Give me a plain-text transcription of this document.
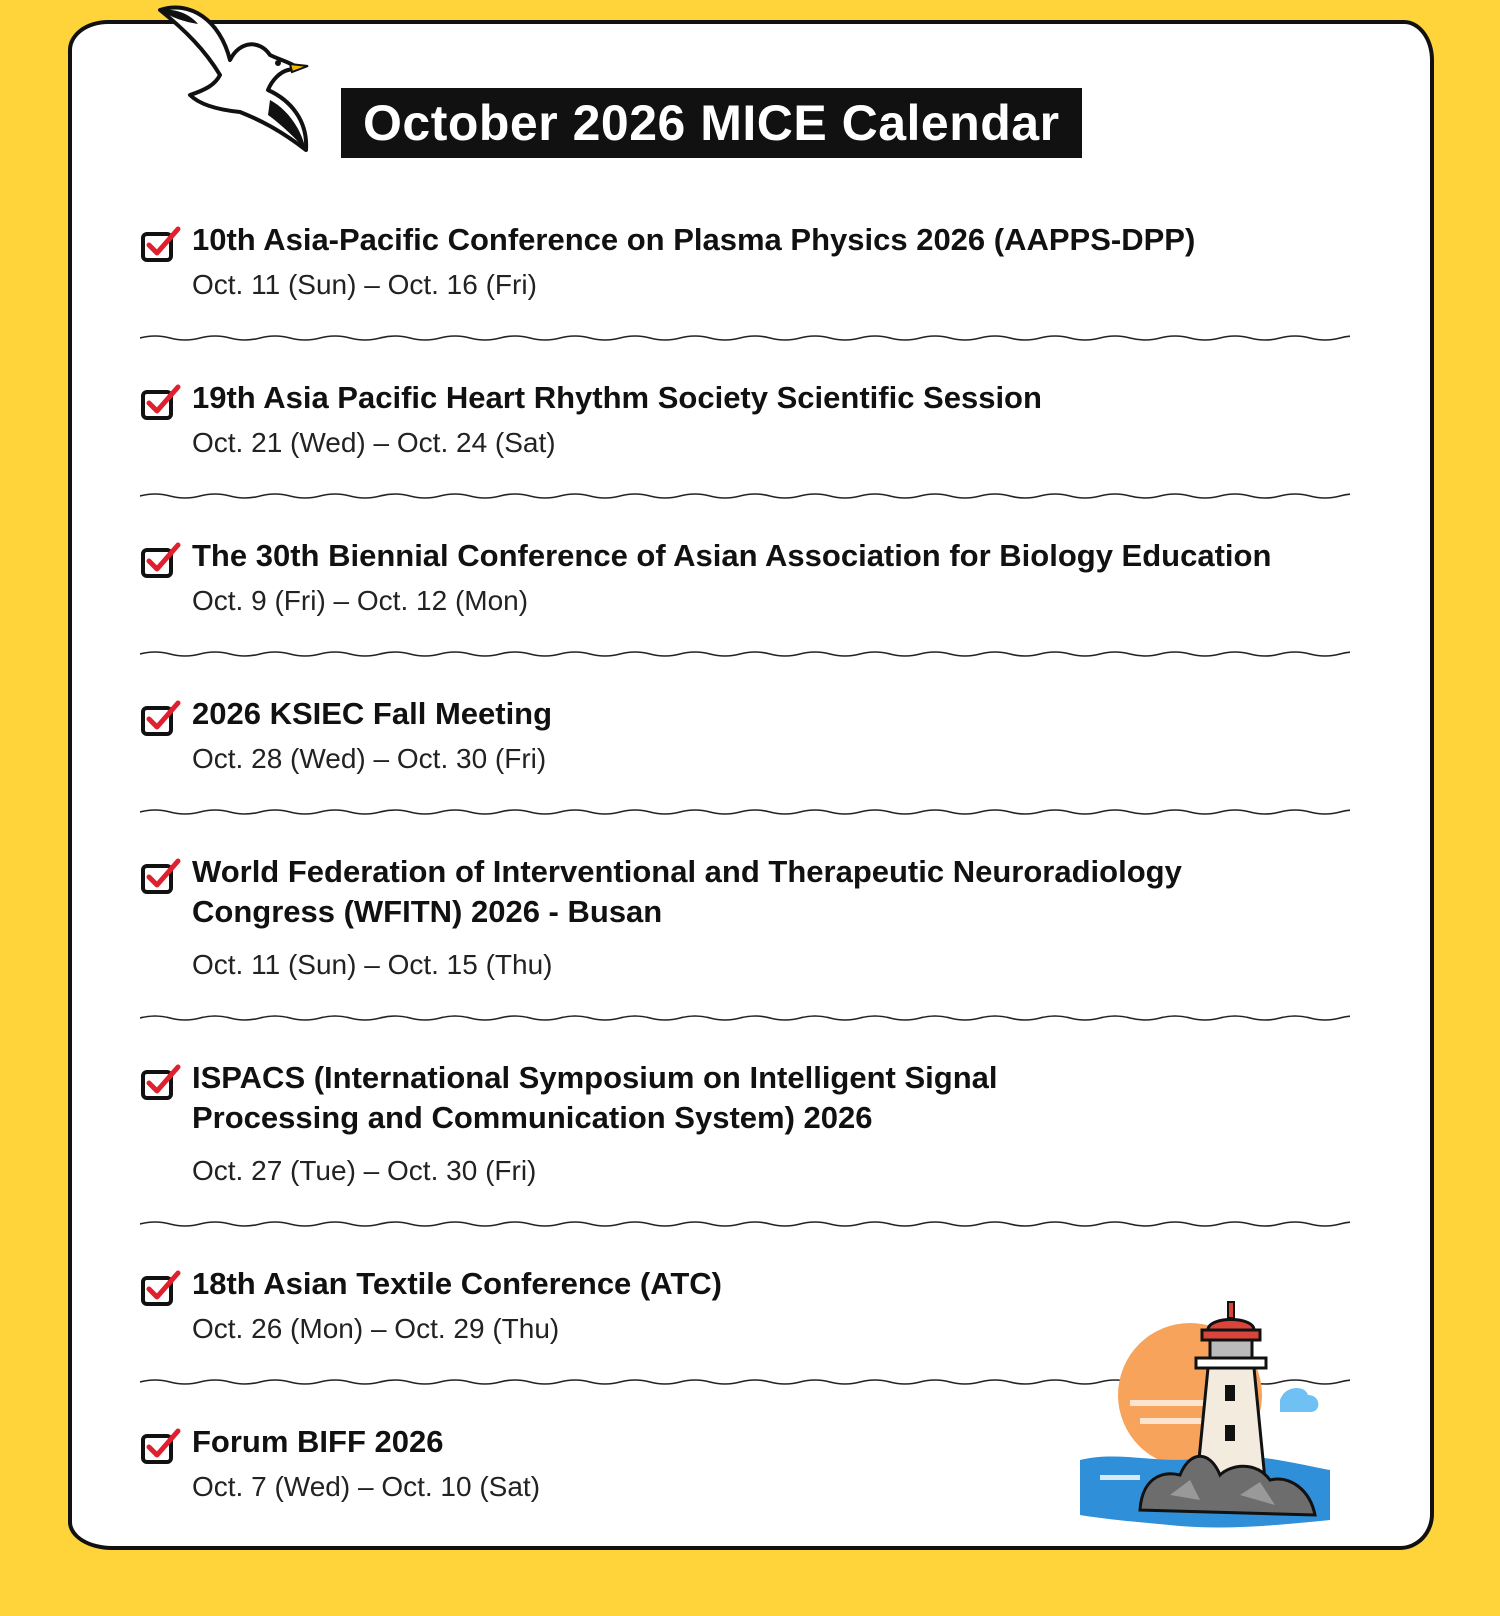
October 2026 MICE Calendar
10th Asia-Pacific Conference on Plasma Physics 2026 (AAPPS-DPP)
Oct. 11 (Sun) – Oct. 16 (Fri)
19th Asia Pacific Heart Rhythm Society Scientific Session
Oct. 21 (Wed) – Oct. 24 (Sat)
The 30th Biennial Conference of Asian Association for Biology Education
Oct. 9 (Fri) – Oct. 12 (Mon)
2026 KSIEC Fall Meeting
Oct. 28 (Wed) – Oct. 30 (Fri)
World Federation of Interventional and Therapeutic Neuroradiology
Congress (WFITN) 2026 - Busan
Oct. 11 (Sun) – Oct. 15 (Thu)
ISPACS (International Symposium on Intelligent Signal
Processing and Communication System) 2026
Oct. 27 (Tue) – Oct. 30 (Fri)
18th Asian Textile Conference (ATC)
Oct. 26 (Mon) – Oct. 29 (Thu)
Forum BIFF 2026
Oct. 7 (Wed) – Oct. 10 (Sat)
